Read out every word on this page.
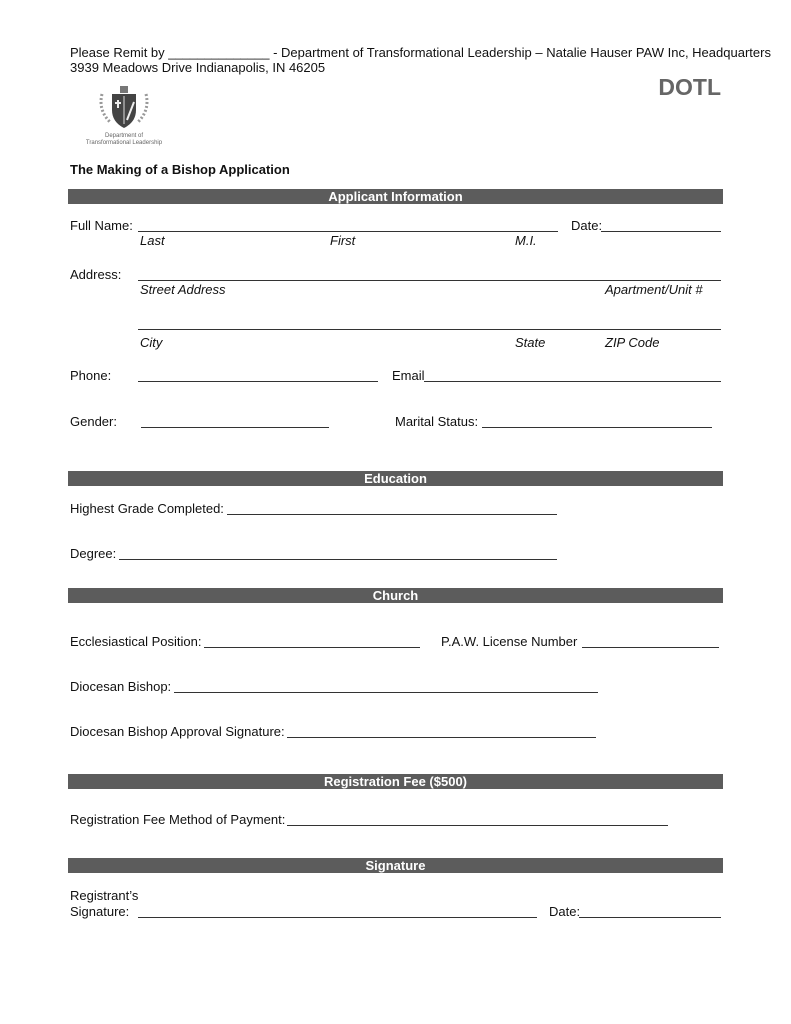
Please Remit by ______________ - Department of Transformational Leadership – Natalie Hauser PAW Inc, Headquarters
3939 Meadows Drive Indianapolis, IN 46205
DOTL
Department of
Transformational Leadership
The Making of a Bishop Application
Applicant Information
Full Name:	Date:
Last	First	M.I.
Address:
Street Address	Apartment/Unit #
City	State	ZIP Code
Phone:	Email
Gender:	Marital Status:
Education
Highest Grade Completed:
Degree:
Church
Ecclesiastical Position:	P.A.W. License Number
Diocesan Bishop:
Diocesan Bishop Approval Signature:
Registration Fee ($500)
Registration Fee Method of Payment:
Signature
Registrant’s
Signature:	Date:
